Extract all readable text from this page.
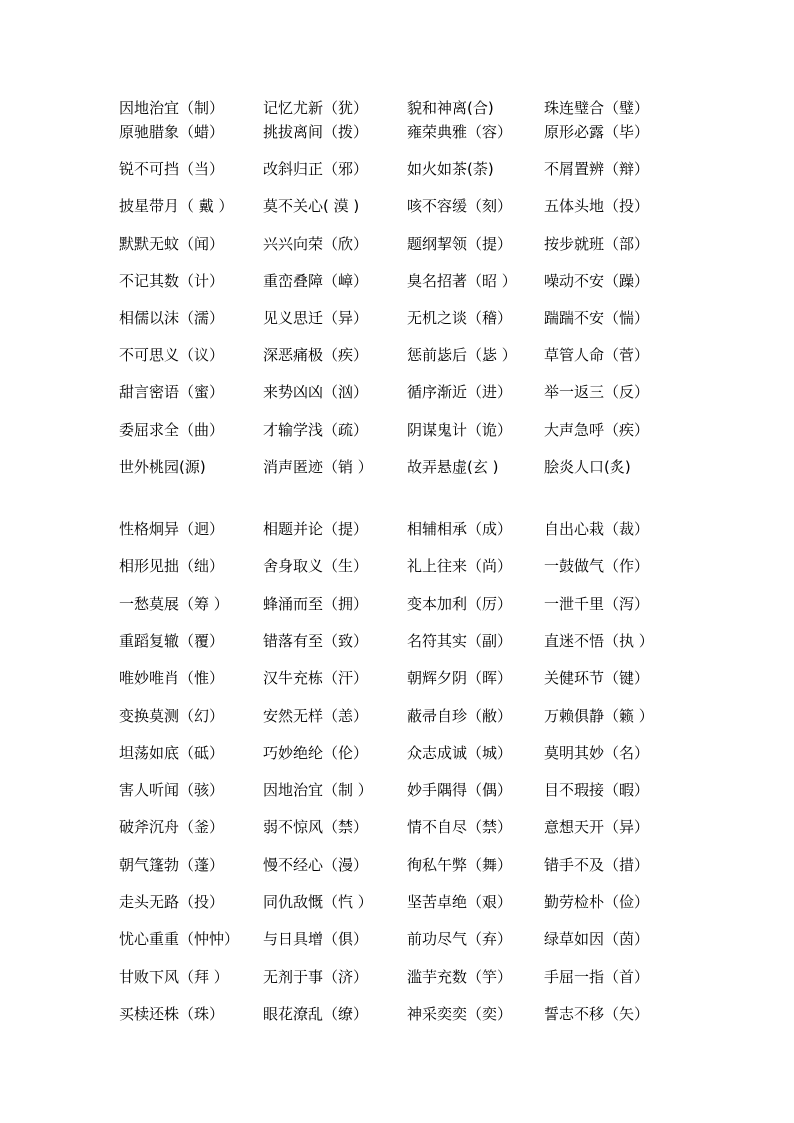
因地治宜（制）	记忆尤新（犹）	貌和神离(合)	珠连璧合（璧）
原驰腊象（蜡）	挑拔离间（拨）	雍荣典雅（容） 原形必露（毕）
锐不可挡（当）	改斜归正（邪）	如火如茶(荼)	不屑置辨（辩）
披星带月（ 戴 ） 莫不关心( 漠 )	咳不容缓（刻） 五体头地（投）
默默无蚊（闻）	兴兴向荣（欣）	题纲挈领（提） 按步就班（部）
不记其数（计）	重峦叠障（嶂）	臭名招著（昭 ） 噪动不安（躁）
相儒以沫（濡）	见义思迁（异）	无机之谈（稽） 踹踹不安（惴）
不可思义（议）	深恶痛极（疾）	惩前毖后（毖 ） 草管人命（菅）
甜言密语（蜜）	来势凶凶（汹）	循序渐近（进） 举一返三（反）
委屈求全（曲）	才输学浅（疏）	阴谋鬼计（诡） 大声急呼（疾）
世外桃园(源)	消声匿迹（销 ） 故弄悬虚(玄 )	脍炎人口(炙)
性格炯异（迥）	相题并论（提）	相辅相承（成） 自出心栽（裁）
相形见拙（绌）	舍身取义（生）	礼上往来（尚） 一鼓做气（作）
一愁莫展（筹 ） 蜂涌而至（拥）	变本加利（厉） 一泄千里（泻）
重蹈复辙（覆）	错落有至（致）	名符其实（副） 直迷不悟（执 ）
唯妙唯肖（惟）	汉牛充栋（汗）	朝辉夕阴（晖） 关健环节（键）
变换莫测（幻）	安然无样（恙）	蔽帚自珍（敝） 万赖俱静（籁 ）
坦荡如底（砥）	巧妙绝纶（伦）	众志成诚（城） 莫明其妙（名）
害人听闻（骇）	因地治宜（制 ） 妙手隅得（偶） 目不瑕接（暇）
破斧沉舟（釜）	弱不惊风（禁）	情不自尽（禁） 意想天开（异）
朝气篷勃（蓬）	慢不经心（漫）	徇私午弊（舞） 错手不及（措）
走头无路（投）	同仇敌慨（忾 ） 坚苦卓绝（艰） 勤劳检朴（俭）
忧心重重（忡忡） 与日具增（俱）	前功尽气（弃） 绿草如因（茵）
甘败下风（拜 ） 无剂于事（济）	滥芋充数（竽） 手屈一指（首）
买椟还株（珠）	眼花潦乱（缭）	神采奕奕（奕） 誓志不移（矢）
